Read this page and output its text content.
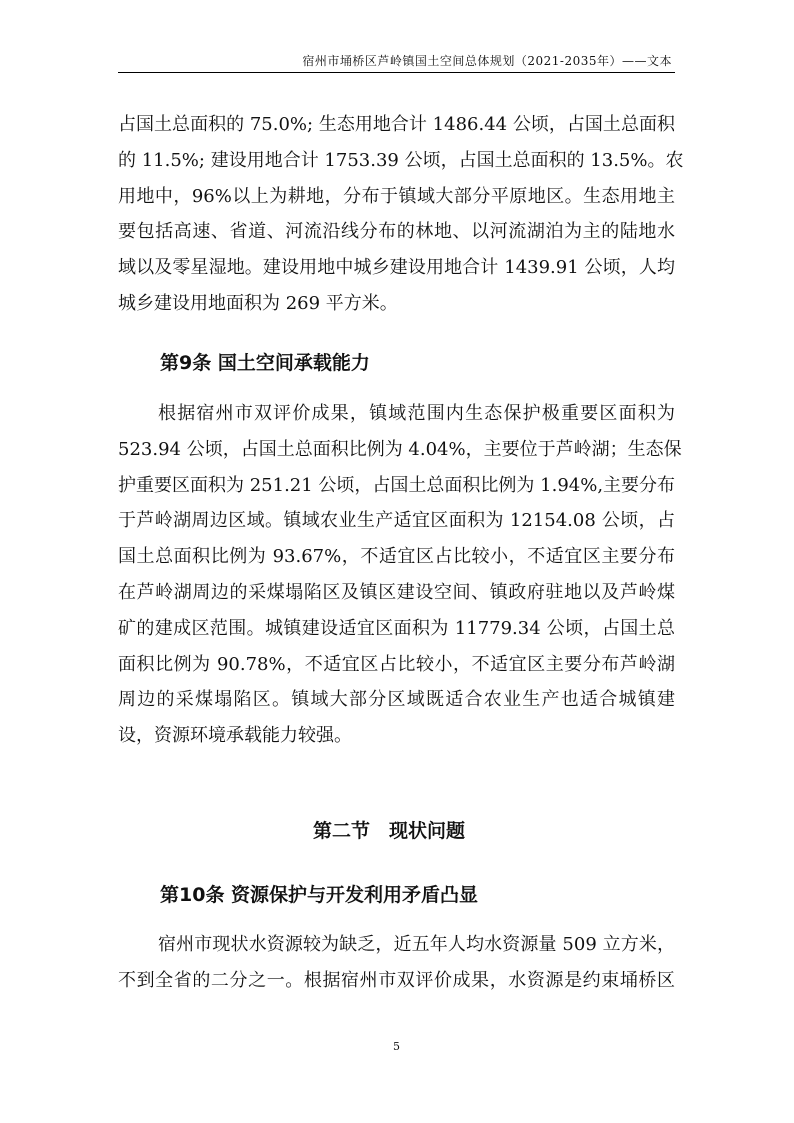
宿州市埇桥区芦岭镇国土空间总体规划（2021-2035年）——文本
占国土总面积的 75.0%; 生态用地合计 1486.44 公顷，占国土总面积
的 11.5%; 建设用地合计 1753.39 公顷，占国土总面积的 13.5%。农
用地中，96%以上为耕地，分布于镇域大部分平原地区。生态用地主
要包括高速、省道、河流沿线分布的林地、以河流湖泊为主的陆地水
域以及零星湿地。建设用地中城乡建设用地合计 1439.91 公顷，人均
城乡建设用地面积为 269 平方米。
第9条 国土空间承载能力
根据宿州市双评价成果，镇域范围内生态保护极重要区面积为
523.94 公顷，占国土总面积比例为 4.04%，主要位于芦岭湖；生态保
护重要区面积为 251.21 公顷，占国土总面积比例为 1.94%,主要分布
于芦岭湖周边区域。镇域农业生产适宜区面积为 12154.08 公顷，占
国土总面积比例为 93.67%，不适宜区占比较小，不适宜区主要分布
在芦岭湖周边的采煤塌陷区及镇区建设空间、镇政府驻地以及芦岭煤
矿的建成区范围。城镇建设适宜区面积为 11779.34 公顷，占国土总
面积比例为 90.78%，不适宜区占比较小，不适宜区主要分布芦岭湖
周边的采煤塌陷区。镇域大部分区域既适合农业生产也适合城镇建
设，资源环境承载能力较强。
第二节　现状问题
第10条 资源保护与开发利用矛盾凸显
宿州市现状水资源较为缺乏，近五年人均水资源量 509 立方米，
不到全省的二分之一。根据宿州市双评价成果，水资源是约束埇桥区
5
